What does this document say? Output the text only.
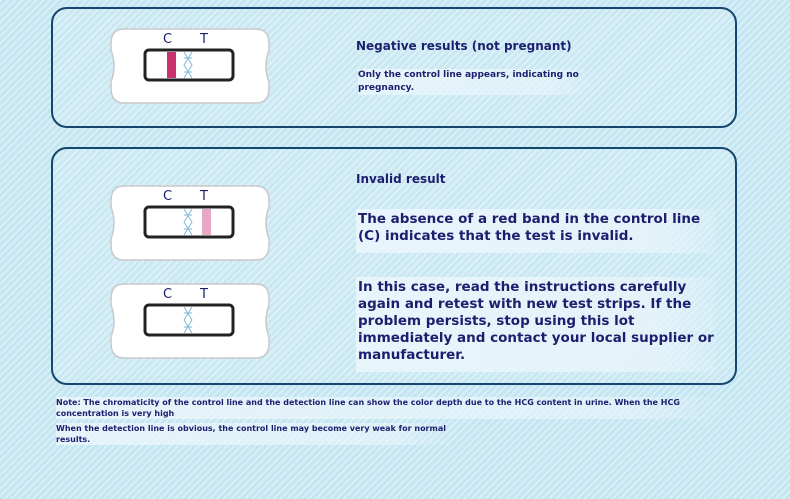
C T	Negative results (not pregnant)
Only the control line appears, indicating no pregnancy.
C T
C T
Invalid result
The absence of a red band in the control line (C) indicates that the test is invalid.
In this case, read the instructions carefully again and retest with new test strips. If the problem persists, stop using this lot immediately and contact your local supplier or manufacturer.
Note: The chromaticity of the control line and the detection line can show the color depth due to the HCG content in urine. When the HCG concentration is very high
When the detection line is obvious, the control line may become very weak for normal results.
